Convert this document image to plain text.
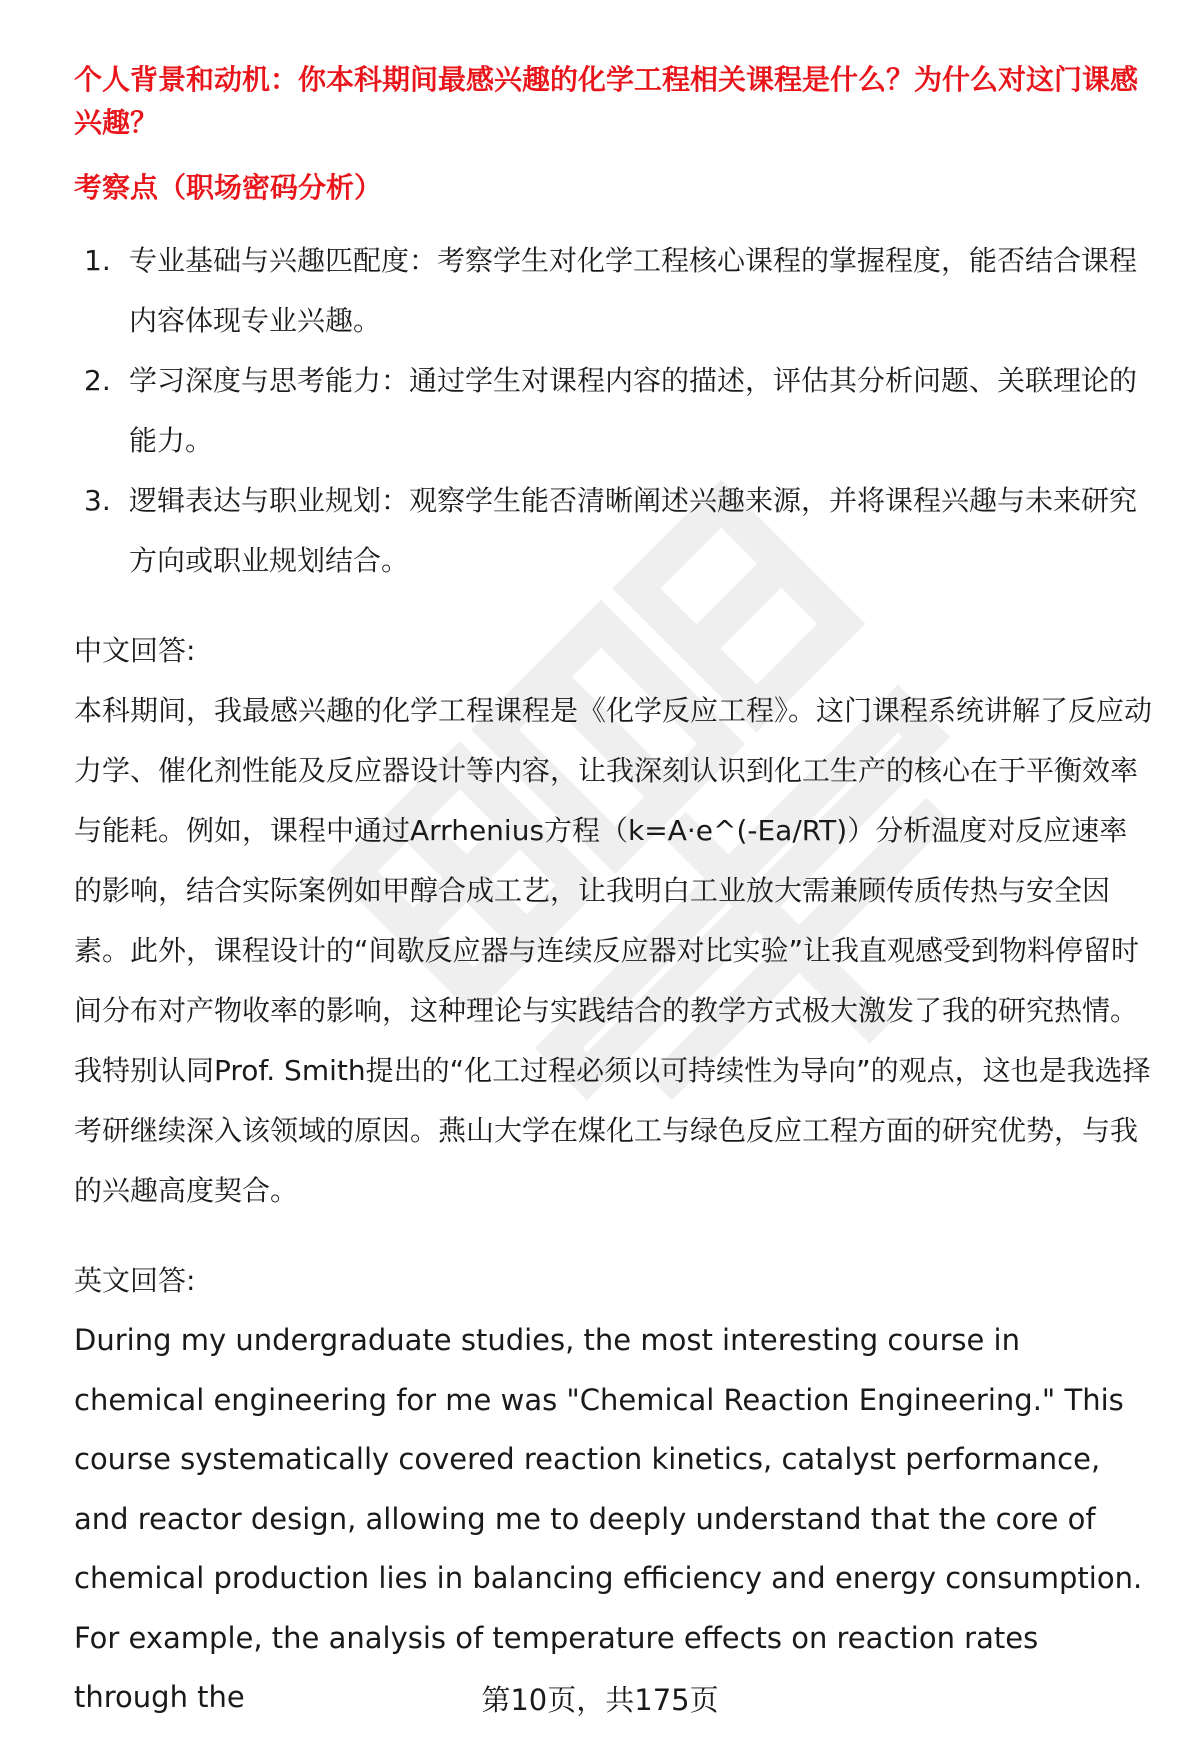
个人背景和动机：你本科期间最感兴趣的化学工程相关课程是什么？为什么对这门课感兴趣？

考察点（职场密码分析）

1. 专业基础与兴趣匹配度：考察学生对化学工程核心课程的掌握程度，能否结合课程内容体现专业兴趣。
2. 学习深度与思考能力：通过学生对课程内容的描述，评估其分析问题、关联理论的能力。
3. 逻辑表达与职业规划：观察学生能否清晰阐述兴趣来源，并将课程兴趣与未来研究方向或职业规划结合。

中文回答:

本科期间，我最感兴趣的化学工程课程是《化学反应工程》。这门课程系统讲解了反应动力学、催化剂性能及反应器设计等内容，让我深刻认识到化工生产的核心在于平衡效率与能耗。例如，课程中通过Arrhenius方程（k=A·e^(-Ea/RT)）分析温度对反应速率的影响，结合实际案例如甲醇合成工艺，让我明白工业放大需兼顾传质传热与安全因素。此外，课程设计的“间歇反应器与连续反应器对比实验”让我直观感受到物料停留时间分布对产物收率的影响，这种理论与实践结合的教学方式极大激发了我的研究热情。我特别认同Prof. Smith提出的“化工过程必须以可持续性为导向”的观点，这也是我选择考研继续深入该领域的原因。燕山大学在煤化工与绿色反应工程方面的研究优势，与我的兴趣高度契合。

英文回答:

During my undergraduate studies, the most interesting course in chemical engineering for me was "Chemical Reaction Engineering." This course systematically covered reaction kinetics, catalyst performance, and reactor design, allowing me to deeply understand that the core of chemical production lies in balancing efficiency and energy consumption. For example, the analysis of temperature effects on reaction rates through the	第10页，共175页
